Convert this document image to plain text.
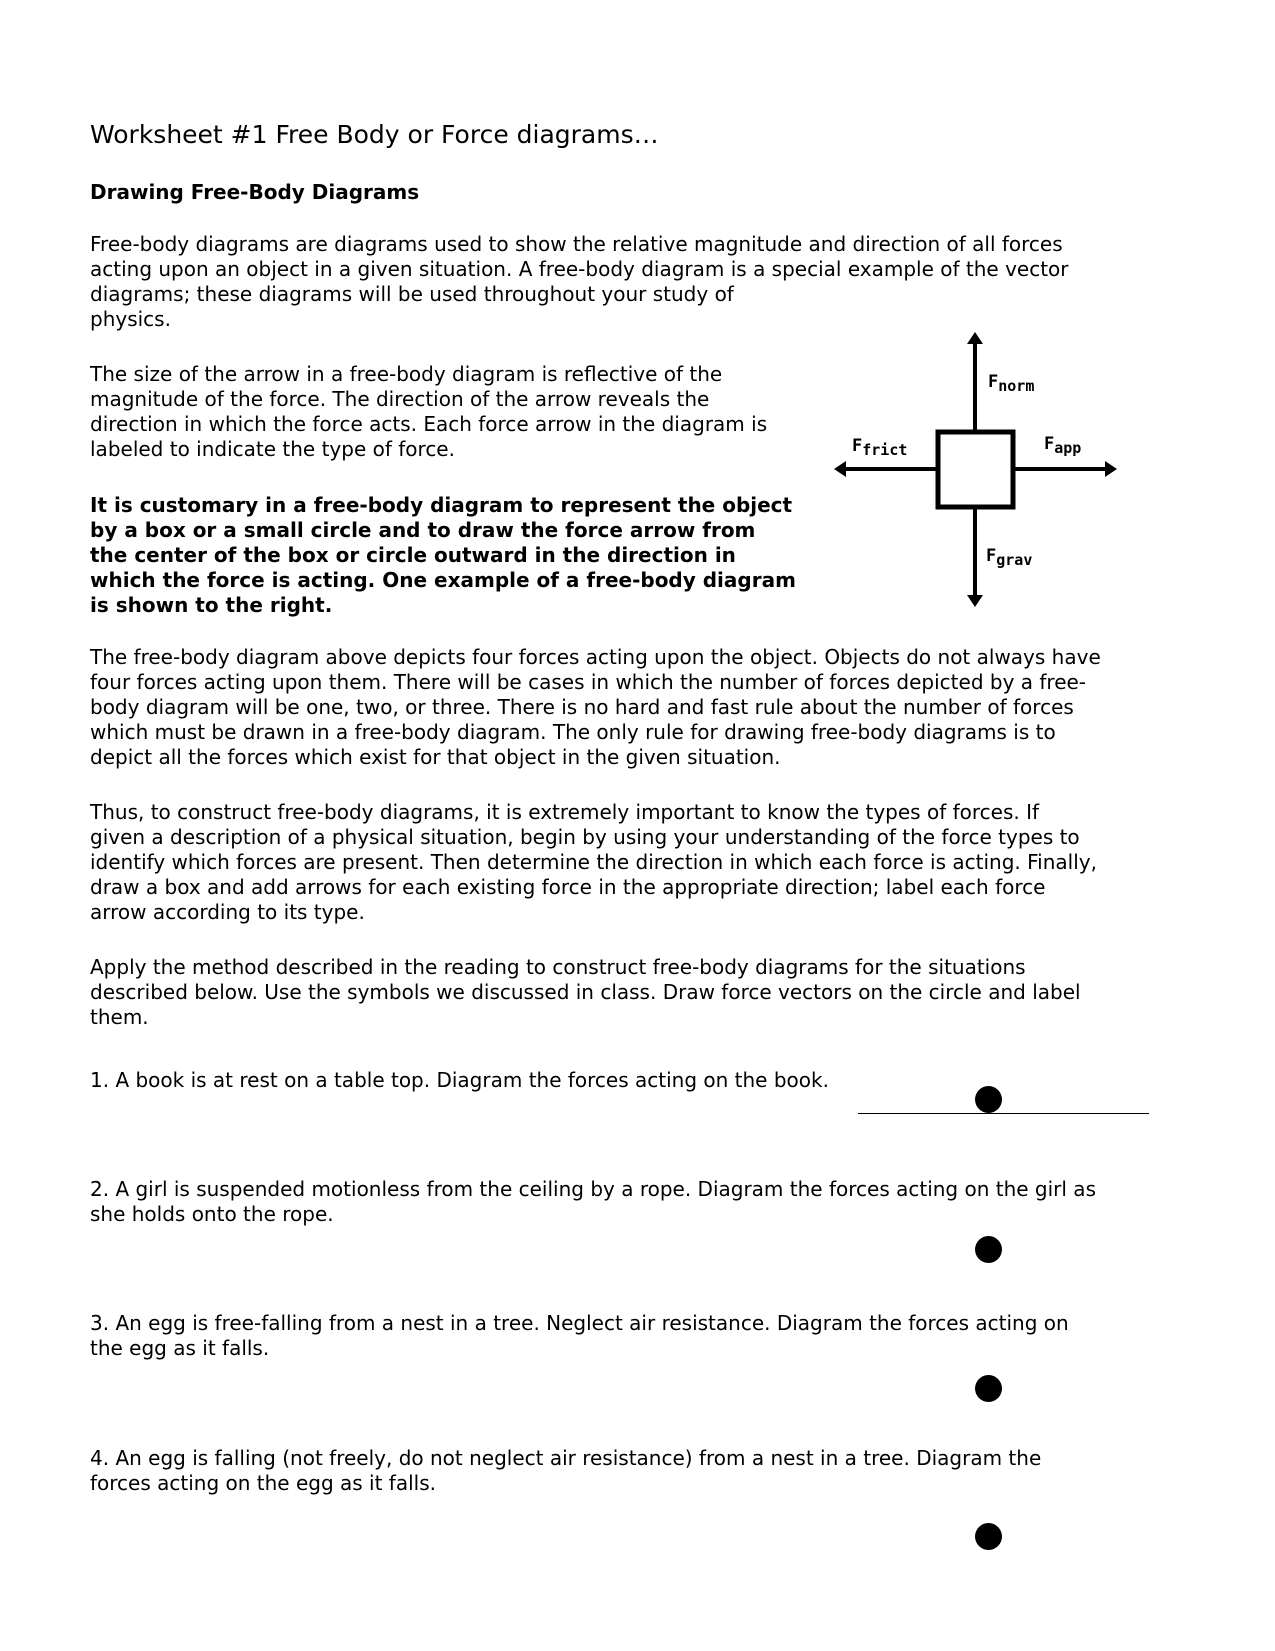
Worksheet #1 Free Body or Force diagrams…
Drawing Free-Body Diagrams
Free-body diagrams are diagrams used to show the relative magnitude and direction of all forces
acting upon an object in a given situation. A free-body diagram is a special example of the vector
diagrams; these diagrams will be used throughout your study of
physics.
The size of the arrow in a free-body diagram is reflective of the
magnitude of the force. The direction of the arrow reveals the
direction in which the force acts. Each force arrow in the diagram is
labeled to indicate the type of force.
It is customary in a free-body diagram to represent the object
by a box or a small circle and to draw the force arrow from
the center of the box or circle outward in the direction in
which the force is acting. One example of a free-body diagram
is shown to the right.
Fnorm
Fapp
Ffrict
Fgrav
The free-body diagram above depicts four forces acting upon the object. Objects do not always have
four forces acting upon them. There will be cases in which the number of forces depicted by a free-
body diagram will be one, two, or three. There is no hard and fast rule about the number of forces
which must be drawn in a free-body diagram. The only rule for drawing free-body diagrams is to
depict all the forces which exist for that object in the given situation.
Thus, to construct free-body diagrams, it is extremely important to know the types of forces. If
given a description of a physical situation, begin by using your understanding of the force types to
identify which forces are present. Then determine the direction in which each force is acting. Finally,
draw a box and add arrows for each existing force in the appropriate direction; label each force
arrow according to its type.
Apply the method described in the reading to construct free-body diagrams for the situations
described below. Use the symbols we discussed in class. Draw force vectors on the circle and label
them.
1. A book is at rest on a table top. Diagram the forces acting on the book.
2. A girl is suspended motionless from the ceiling by a rope. Diagram the forces acting on the girl as
she holds onto the rope.
3. An egg is free-falling from a nest in a tree. Neglect air resistance. Diagram the forces acting on
the egg as it falls.
4. An egg is falling (not freely, do not neglect air resistance) from a nest in a tree. Diagram the
forces acting on the egg as it falls.
